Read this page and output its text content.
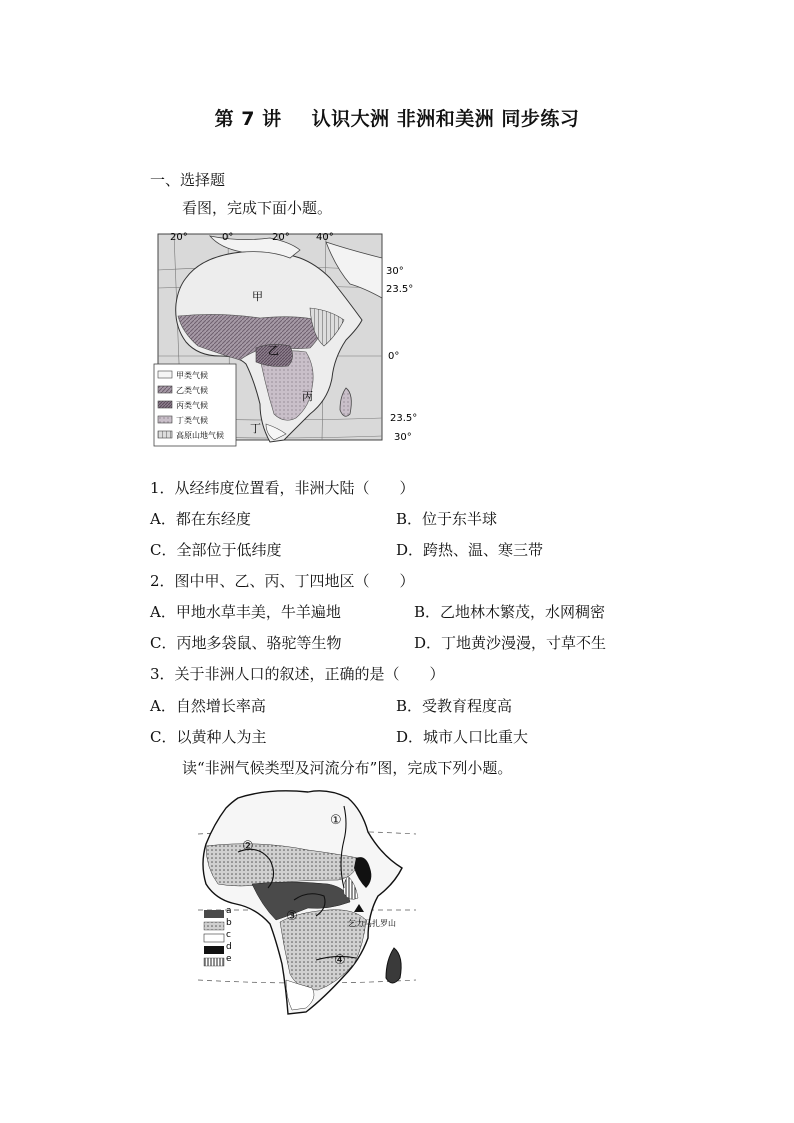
第 7 讲 认识大洲 非洲和美洲 同步练习
一、选择题
看图，完成下面小题。
甲
乙
丙
丁
20°	0°	20°	40°
30°
23.5°
0°
23.5°
30°
甲类气候
乙类气候
丙类气候
丁类气候
高原山地气候
1．从经纬度位置看，非洲大陆（　　）
A．都在东经度	B．位于东半球
C．全部位于低纬度	D．跨热、温、寒三带
2．图中甲、乙、丙、丁四地区（　　）
A．甲地水草丰美，牛羊遍地	B．乙地林木繁茂，水网稠密
C．丙地多袋鼠、骆驼等生物	D．丁地黄沙漫漫，寸草不生
3．关于非洲人口的叙述，正确的是（　　）
A．自然增长率高	B．受教育程度高
C．以黄种人为主	D．城市人口比重大
读“非洲气候类型及河流分布”图，完成下列小题。
①
②
③
④
乞力马扎罗山
a
b
c
d
e
